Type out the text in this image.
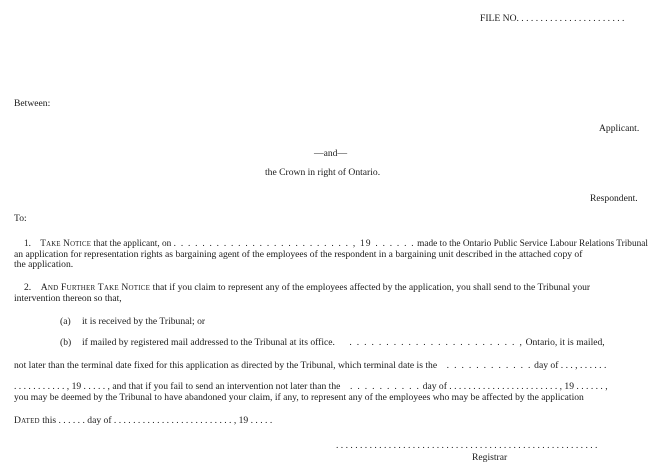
FILE NO. . . . . . . . . . . . . . . . . . . . . . .
Between:
Applicant.
—and—
the Crown in right of Ontario.
Respondent.
To:
1. Take Notice that the applicant, on . . . . . . . . . . . . . . . . . . . . . . . . . , 19 . . . . . . made to the Ontario Public Service Labour Relations Tribunal
an application for representation rights as bargaining agent of the employees of the respondent in a bargaining unit described in the attached copy of
the application.
2. And Further Take Notice that if you claim to represent any of the employees affected by the application, you shall send to the Tribunal your
intervention thereon so that,
(a) it is received by the Tribunal; or
(b) if mailed by registered mail addressed to the Tribunal at its office. . . . . . . . . . . . . . . . . . . . . . . . , Ontario, it is mailed,
not later than the terminal date fixed for this application as directed by the Tribunal, which terminal date is the . . . . . . . . . . . . day of . . . , . . . . . .
. . . . . . . . . . . , 19 . . . . . , and that if you fail to send an intervention not later than the . . . . . . . . . . day of . . . . . . . . . . . . . . . . . . . . . . . , 19 . . . . . . ,
you may be deemed by the Tribunal to have abandoned your claim, if any, to represent any of the employees who may be affected by the application
Dated this . . . . . . day of . . . . . . . . . . . . . . . . . . . . . . . . . , 19 . . . . .
. . . . . . . . . . . . . . . . . . . . . . . . . . . . . . . . . . . . . . . . . . . . . . . . . . . . . . .
Registrar
